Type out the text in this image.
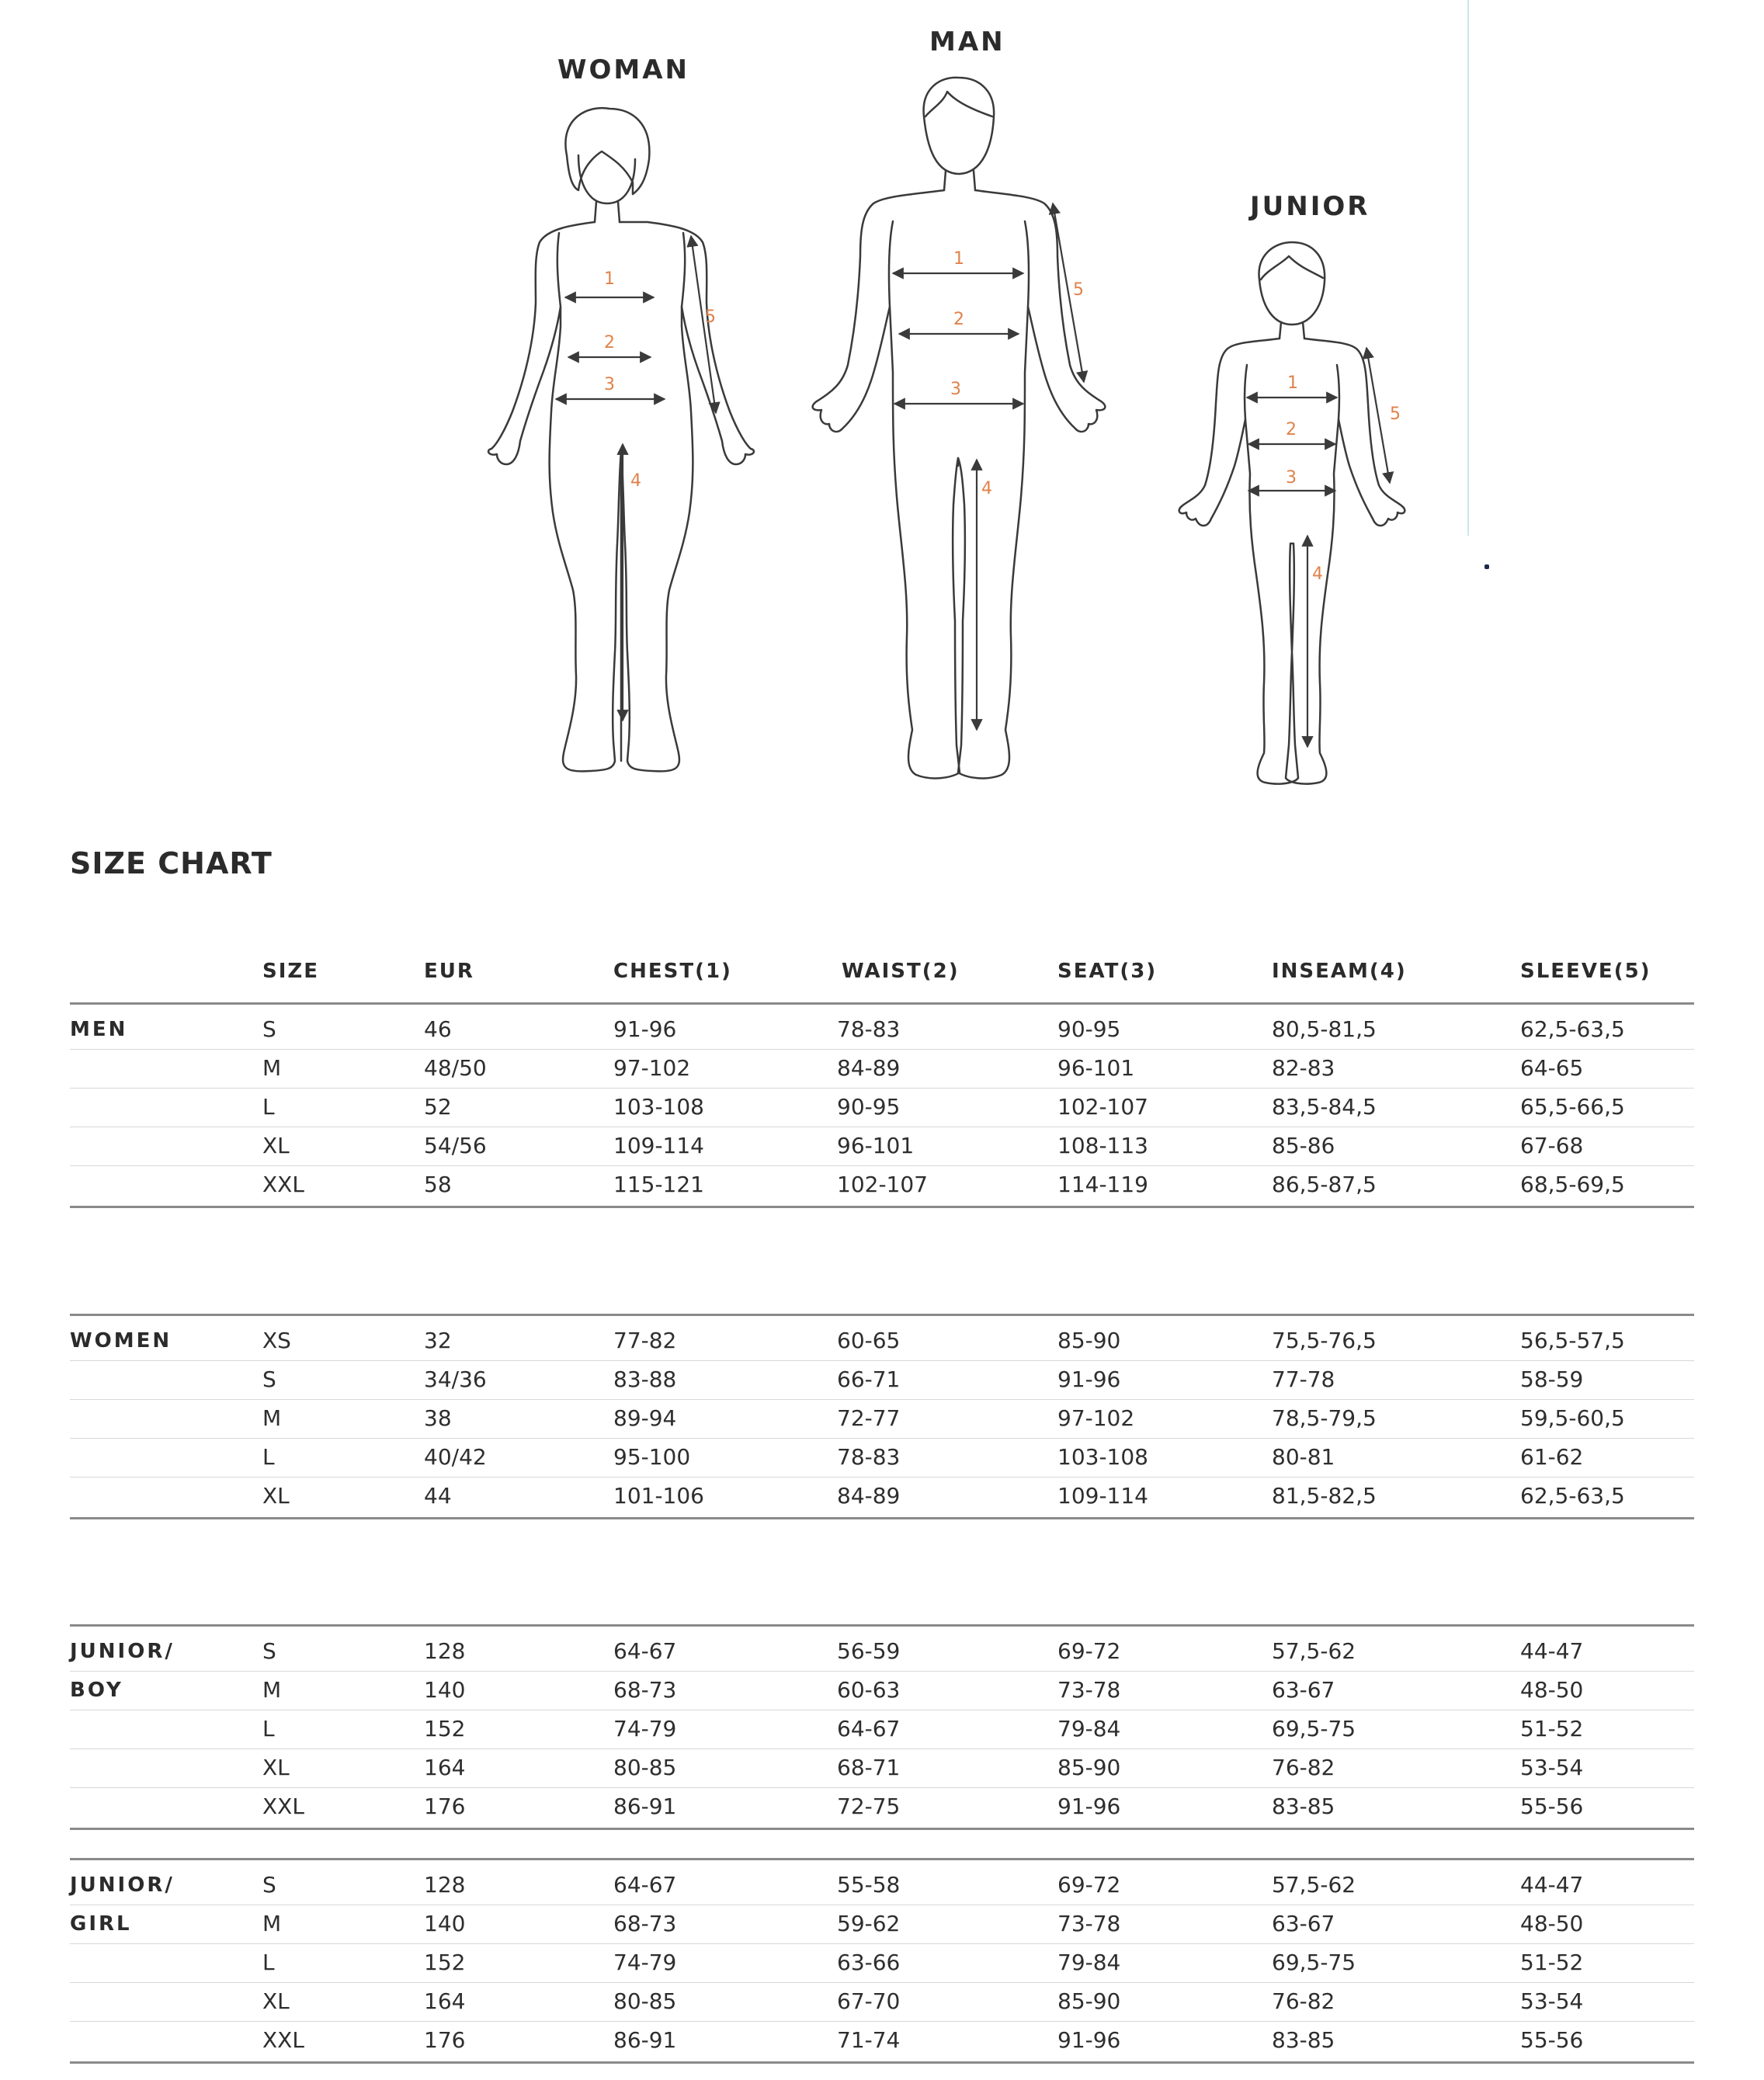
WOMAN
MAN
JUNIOR
1
2
3
4
5
1
2
3
4
5
1
2
3
4
5
SIZE CHART
SIZE	EUR	CHEST(1)	WAIST(2)	SEAT(3)	INSEAM(4)	SLEEVE(5)
MEN	S	46	91-96	78-83	90-95	80,5-81,5	62,5-63,5
M	48/50	97-102	84-89	96-101	82-83	64-65
L	52	103-108	90-95	102-107	83,5-84,5	65,5-66,5
XL	54/56	109-114	96-101	108-113	85-86	67-68
XXL	58	115-121	102-107	114-119	86,5-87,5	68,5-69,5
WOMEN	XS	32	77-82	60-65	85-90	75,5-76,5	56,5-57,5
S	34/36	83-88	66-71	91-96	77-78	58-59
M	38	89-94	72-77	97-102	78,5-79,5	59,5-60,5
L	40/42	95-100	78-83	103-108	80-81	61-62
XL	44	101-106	84-89	109-114	81,5-82,5	62,5-63,5
JUNIOR/
BOY
S	128	64-67	56-59	69-72	57,5-62	44-47
M	140	68-73	60-63	73-78	63-67	48-50
L	152	74-79	64-67	79-84	69,5-75	51-52
XL	164	80-85	68-71	85-90	76-82	53-54
XXL	176	86-91	72-75	91-96	83-85	55-56
JUNIOR/
GIRL
S	128	64-67	55-58	69-72	57,5-62	44-47
M	140	68-73	59-62	73-78	63-67	48-50
L	152	74-79	63-66	79-84	69,5-75	51-52
XL	164	80-85	67-70	85-90	76-82	53-54
XXL	176	86-91	71-74	91-96	83-85	55-56
